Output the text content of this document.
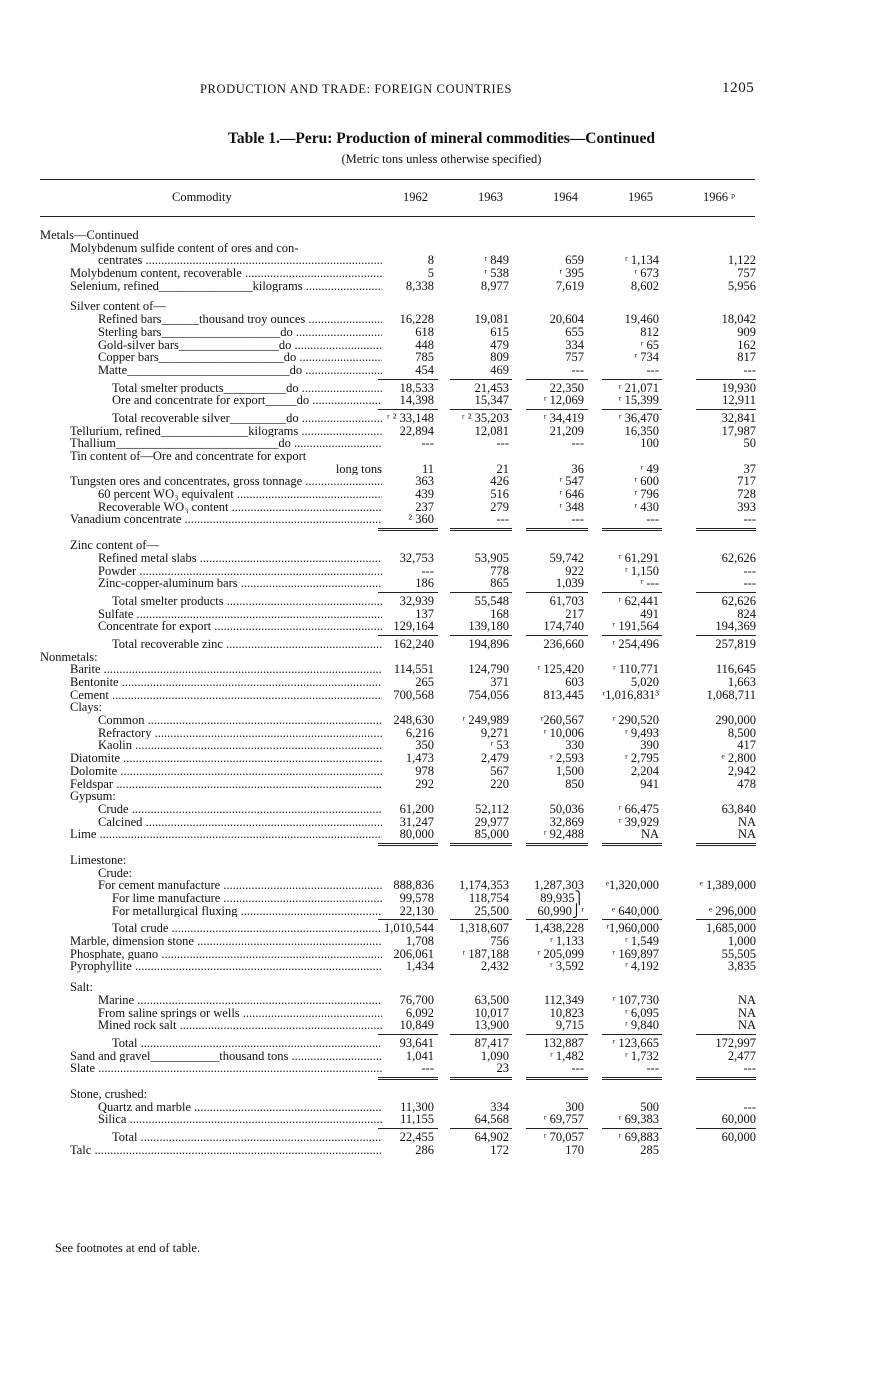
PRODUCTION AND TRADE: FOREIGN COUNTRIES	1205
Table 1.—Peru: Production of mineral commodities—Continued
(Metric tons unless otherwise specified)
Commodity	1962	1963	1964	1965	1966 ᵖ
Metals—Continued
Molybdenum sulfide content of ores and con-
centrates .....	8	ʳ 849	659	ʳ 1,134	1,122
Molybdenum content, recoverable .....	5	ʳ 538	ʳ 395	ʳ 673	757
Selenium, refined_______________kilograms .....	8,338	8,977	7,619	8,602	5,956
Silver content of—
Refined bars______thousand troy ounces .....	16,228	19,081	20,604	19,460	18,042
Sterling bars___________________do .....	618	615	655	812	909
Gold-silver bars________________do .....	448	479	334	ʳ 65	162
Copper bars____________________do .....	785	809	757	ʳ 734	817
Matte__________________________do .....	454	469	---	---	---
Total smelter products__________do .....	18,533	21,453	22,350	ʳ 21,071	19,930
Ore and concentrate for export_____do .....	14,398	15,347	ʳ 12,069	ʳ 15,399	12,911
Total recoverable silver_________do .....	ʳ ² 33,148 ʳ ² 35,203	ʳ 34,419	ʳ 36,470	32,841
Tellurium, refined______________kilograms .....	22,894	12,081	21,209	16,350	17,987
Thallium__________________________do .....	---	---	---	100	50
Tin content of—Ore and concentrate for export
long tons	11	21	36	ʳ 49	37
Tungsten ores and concentrates, gross tonnage .....	363	426	ʳ 547	ʳ 600	717
60 percent WO₃ equivalent .....	439	516	ʳ 646	ʳ 796	728
Recoverable WO₃ content .....	237	279	ʳ 348	ʳ 430	393
Vanadium concentrate .....	² 360	---	---	---	---
Zinc content of—
Refined metal slabs .....	32,753	53,905	59,742	ʳ 61,291	62,626
Powder .....	---	778	922	ʳ 1,150	---
Zinc-copper-aluminum bars .....	186	865	1,039	ʳ ---	---
Total smelter products .....	32,939	55,548	61,703	ʳ 62,441	62,626
Sulfate .....	137	168	217	491	824
Concentrate for export .....	129,164	139,180	174,740 ʳ 191,564	194,369
Total recoverable zinc .....	162,240	194,896	236,660 ʳ 254,496	257,819
Nonmetals:
Barite .....	114,551	124,790 ʳ 125,420 ʳ 110,771	116,645
Bentonite .....	265	371	603	5,020	1,663
Cement .....	700,568	754,056	813,445 ʳ1,016,831³	1,068,711
Clays:
Common .....	248,630 ʳ 249,989	ʳ260,567 ʳ 290,520	290,000
Refractory .....	6,216	9,271	ʳ 10,006	ʳ 9,493	8,500
Kaolin .....	350	ʳ 53	330	390	417
Diatomite .....	1,473	2,479	ʳ 2,593	ʳ 2,795	ᵉ 2,800
Dolomite .....	978	567	1,500	2,204	2,942
Feldspar .....	292	220	850	941	478
Gypsum:
Crude .....	61,200	52,112	50,036	ʳ 66,475	63,840
Calcined .....	31,247	29,977	32,869	ʳ 39,929	NA
Lime .....	80,000	85,000	ʳ 92,488	NA	NA
Limestone:
Crude:
For cement manufacture .....	888,836 1,174,353 1,287,303 ᵉ1,320,000	ᵉ 1,389,000
For lime manufacture .....	99,578	118,754	89,935⎫
For metallurgical fluxing .....	22,130	25,500 60,990⎭ʳ ᵉ 640,000	ᵉ 296,000
Total crude .....	1,010,544 1,318,607 1,438,228 ʳ1,960,000	1,685,000
Marble, dimension stone .....	1,708	756	ʳ 1,133	ʳ 1,549	1,000
Phosphate, guano .....	206,061 ʳ 187,188 ʳ 205,099 ʳ 169,897	55,505
Pyrophyllite .....	1,434	2,432	ʳ 3,592	ʳ 4,192	3,835
Salt:
Marine .....	76,700	63,500	112,349 ʳ 107,730	NA
From saline springs or wells .....	6,092	10,017	10,823	ʳ 6,095	NA
Mined rock salt .....	10,849	13,900	9,715	ʳ 9,840	NA
Total .....	93,641	87,417	132,887 ʳ 123,665	172,997
Sand and gravel___________thousand tons .....	1,041	1,090	ʳ 1,482	ʳ 1,732	2,477
Slate .....	---	23	---	---	---
Stone, crushed:
Quartz and marble .....	11,300	334	300	500	---
Silica .....	11,155	64,568	ʳ 69,757	ʳ 69,383	60,000
Total .....	22,455	64,902	ʳ 70,057	ʳ 69,883	60,000
Talc .....	286	172	170	285
See footnotes at end of table.
